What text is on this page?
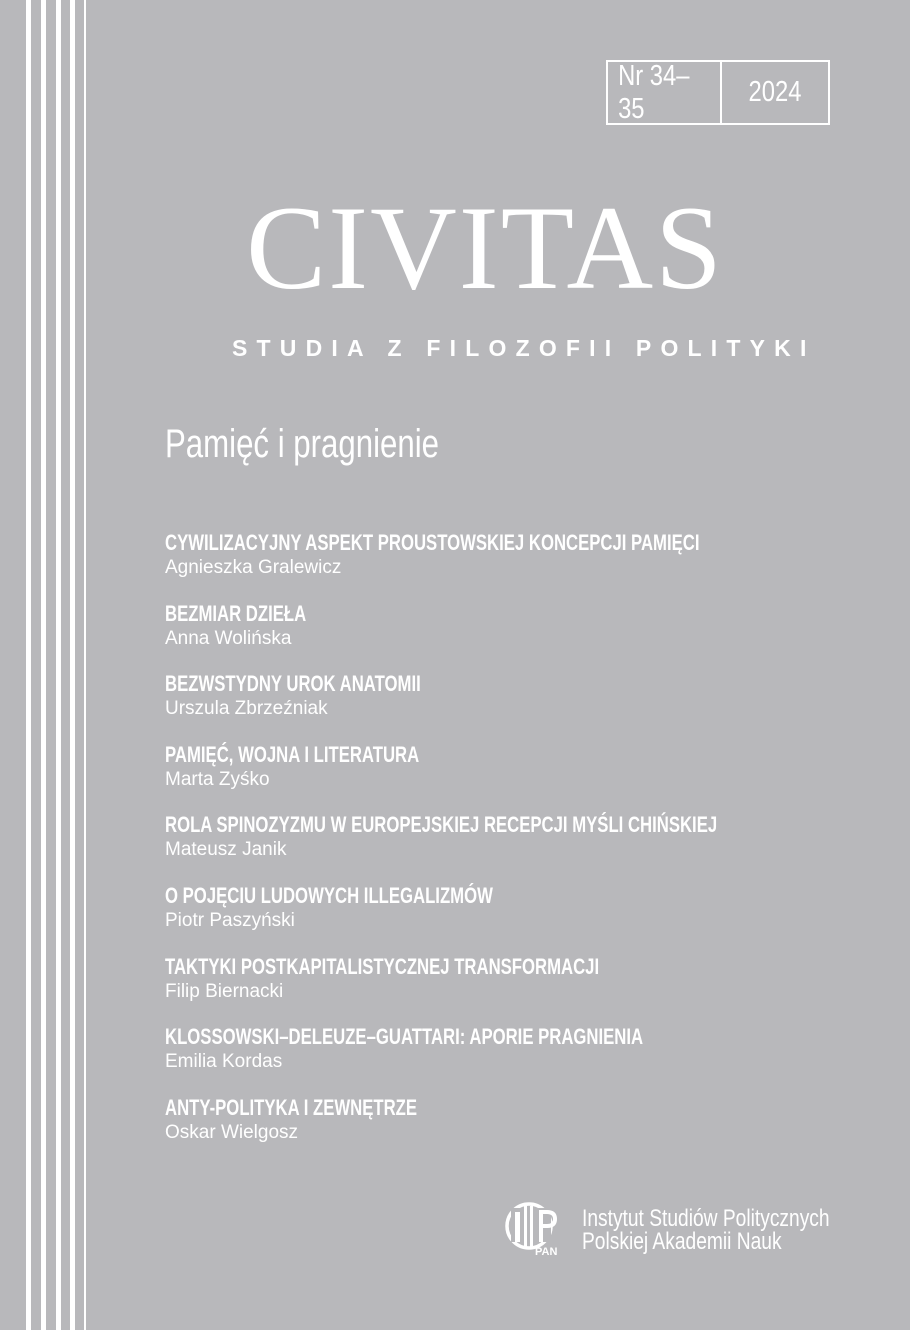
Nr 34–35
2024
CIVITAS
STUDIA Z FILOZOFII POLITYKI
Pamięć i pragnienie
CYWILIZACYJNY ASPEKT PROUSTOWSKIEJ KONCEPCJI PAMIĘCI
Agnieszka Gralewicz
BEZMIAR DZIEŁA
Anna Wolińska
BEZWSTYDNY UROK ANATOMII
Urszula Zbrzeźniak
PAMIĘĆ, WOJNA I LITERATURA
Marta Zyśko
ROLA SPINOZYZMU W EUROPEJSKIEJ RECEPCJI MYŚLI CHIŃSKIEJ
Mateusz Janik
O POJĘCIU LUDOWYCH ILLEGALIZMÓW
Piotr Paszyński
TAKTYKI POSTKAPITALISTYCZNEJ TRANSFORMACJI
Filip Biernacki
KLOSSOWSKI–DELEUZE–GUATTARI: APORIE PRAGNIENIA
Emilia Kordas
ANTY-POLITYKA I ZEWNĘTRZE
Oskar Wielgosz
PAN
Instytut Studiów Politycznych
Polskiej Akademii Nauk
